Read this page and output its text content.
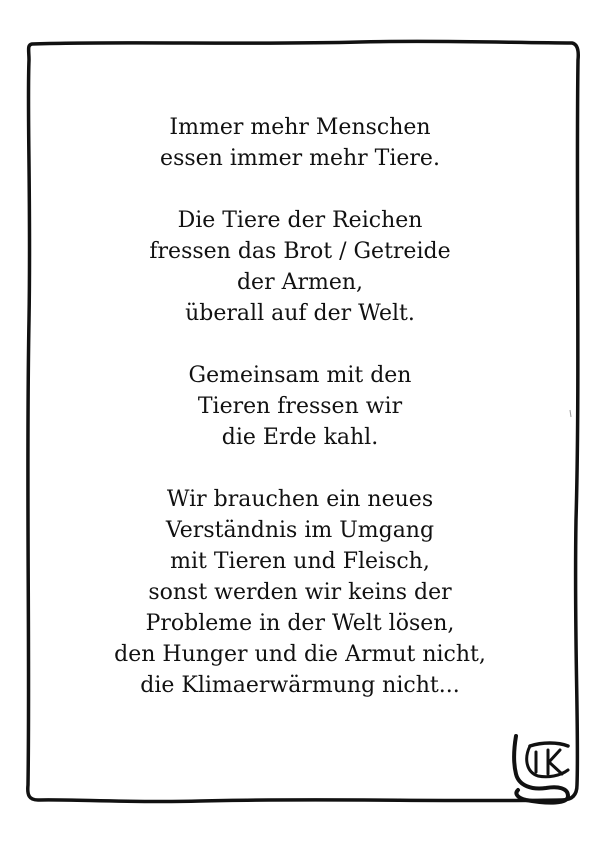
Immer mehr Menschen
essen immer mehr Tiere.
Die Tiere der Reichen
fressen das Brot / Getreide
der Armen,
überall auf der Welt.
Gemeinsam mit den
Tieren fressen wir
die Erde kahl.
Wir brauchen ein neues
Verständnis im Umgang
mit Tieren und Fleisch,
sonst werden wir keins der
Probleme in der Welt lösen,
den Hunger und die Armut nicht,
die Klimaerwärmung nicht...
